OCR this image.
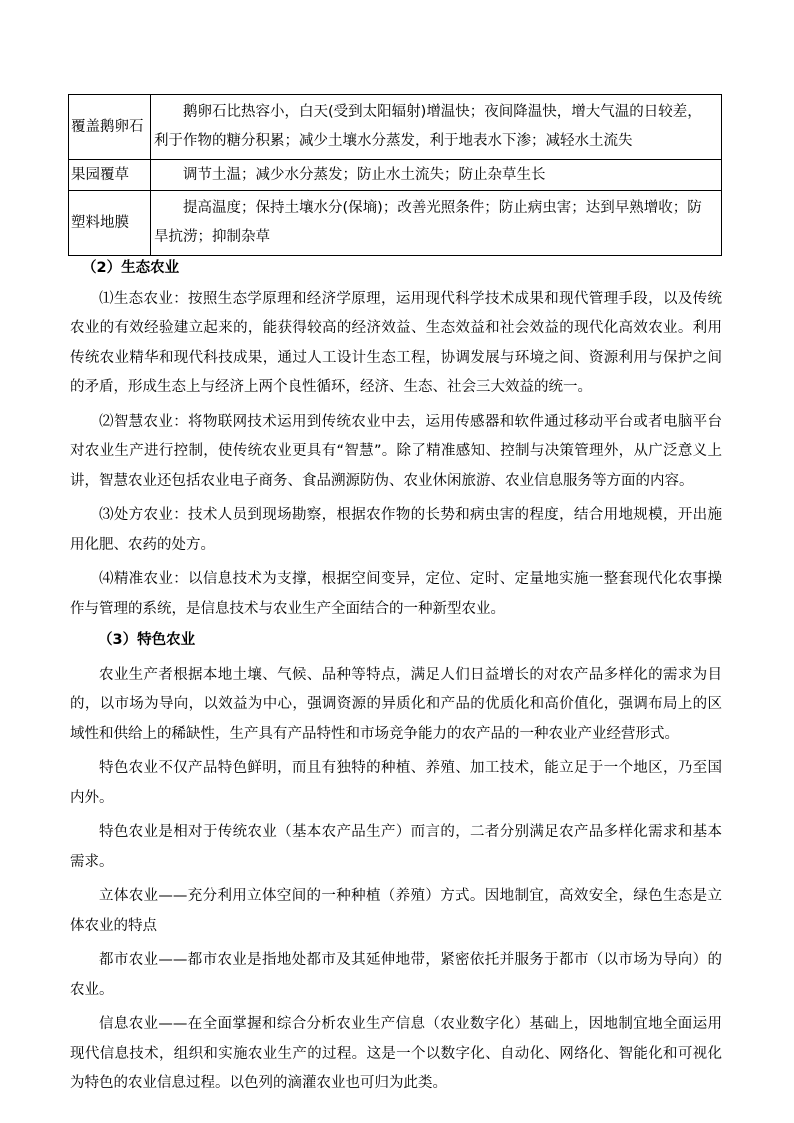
覆盖鹅卵石	鹅卵石比热容小，白天(受到太阳辐射)增温快；夜间降温快，增大气温的日较差，利于作物的糖分积累；减少土壤水分蒸发，利于地表水下渗；减轻水土流失
果园覆草	调节土温；减少水分蒸发；防止水土流失；防止杂草生长
塑料地膜	提高温度；保持土壤水分(保墒)；改善光照条件；防止病虫害；达到早熟增收；防旱抗涝；抑制杂草
（2）生态农业

⑴生态农业：按照生态学原理和经济学原理，运用现代科学技术成果和现代管理手段，以及传统农业的有效经验建立起来的，能获得较高的经济效益、生态效益和社会效益的现代化高效农业。利用传统农业精华和现代科技成果，通过人工设计生态工程，协调发展与环境之间、资源利用与保护之间的矛盾，形成生态上与经济上两个良性循环，经济、生态、社会三大效益的统一。

⑵智慧农业：将物联网技术运用到传统农业中去，运用传感器和软件通过移动平台或者电脑平台对农业生产进行控制，使传统农业更具有“智慧”。除了精准感知、控制与决策管理外，从广泛意义上讲，智慧农业还包括农业电子商务、食品溯源防伪、农业休闲旅游、农业信息服务等方面的内容。

⑶处方农业：技术人员到现场勘察，根据农作物的长势和病虫害的程度，结合用地规模，开出施用化肥、农药的处方。

⑷精准农业：以信息技术为支撑，根据空间变异，定位、定时、定量地实施一整套现代化农事操作与管理的系统，是信息技术与农业生产全面结合的一种新型农业。

（3）特色农业

农业生产者根据本地土壤、气候、品种等特点，满足人们日益增长的对农产品多样化的需求为目的，以市场为导向，以效益为中心，强调资源的异质化和产品的优质化和高价值化，强调布局上的区域性和供给上的稀缺性，生产具有产品特性和市场竞争能力的农产品的一种农业产业经营形式。

特色农业不仅产品特色鲜明，而且有独特的种植、养殖、加工技术，能立足于一个地区，乃至国内外。

特色农业是相对于传统农业（基本农产品生产）而言的，二者分别满足农产品多样化需求和基本需求。

立体农业——充分利用立体空间的一种种植（养殖）方式。因地制宜，高效安全，绿色生态是立体农业的特点

都市农业——都市农业是指地处都市及其延伸地带，紧密依托并服务于都市（以市场为导向）的农业。

信息农业——在全面掌握和综合分析农业生产信息（农业数字化）基础上，因地制宜地全面运用现代信息技术，组织和实施农业生产的过程。这是一个以数字化、自动化、网络化、智能化和可视化为特色的农业信息过程。以色列的滴灌农业也可归为此类。
